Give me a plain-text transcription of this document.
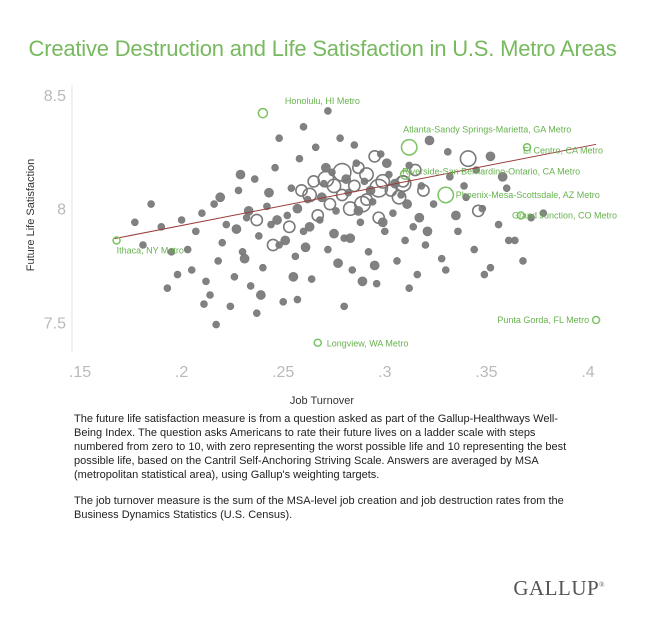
Creative Destruction and Life Satisfaction in U.S. Metro Areas
7.5
8
8.5
.15	.2	.25	.3	.35	.4
Honolulu, HI Metro
Atlanta-Sandy Springs-Marietta, GA Metro
El Centro, CA Metro
Riverside-San Bernardino-Ontario, CA Metro
Phoenix-Mesa-Scottsdale, AZ Metro
Grand Junction, CO Metro
Ithaca, NY Metro
Punta Gorda, FL Metro
Longview, WA Metro
Job Turnover
Future Life Satisfaction

The future life satisfaction measure is from a question asked as part of the Gallup-Healthways Well-Being Index. The question asks Americans to rate their future lives on a ladder scale with steps numbered from zero to 10, with zero representing the worst possible life and 10 representing the best possible life, based on the Cantril Self-Anchoring Striving Scale. Answers are averaged by MSA (metropolitan statistical area), using Gallup's weighting targets.

The job turnover measure is the sum of the MSA-level job creation and job destruction rates from the Business Dynamics Statistics (U.S. Census).

GALLUP®
